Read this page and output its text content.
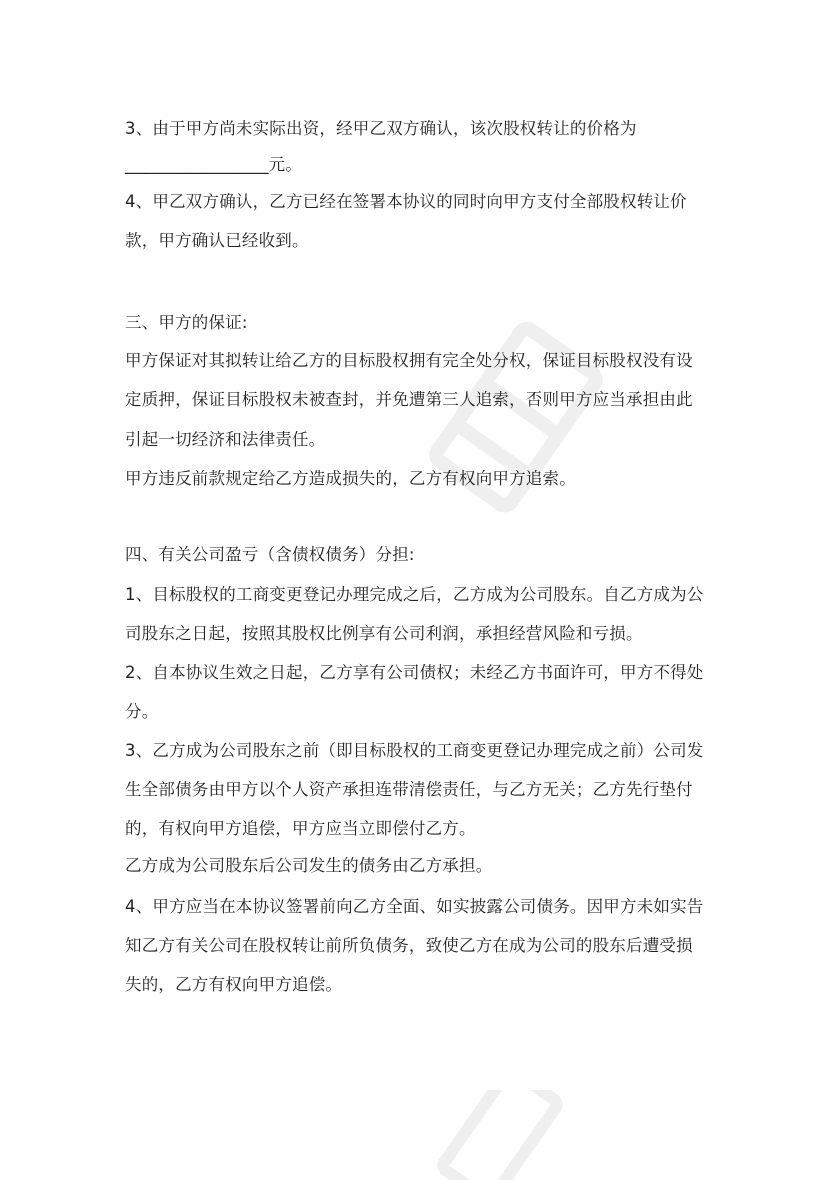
3、由于甲方尚未实际出资，经甲乙双方确认，该次股权转让的价格为
_________________元。
4、甲乙双方确认，乙方已经在签署本协议的同时向甲方支付全部股权转让价
款，甲方确认已经收到。
三、甲方的保证:
甲方保证对其拟转让给乙方的目标股权拥有完全处分权，保证目标股权没有设
定质押，保证目标股权未被查封，并免遭第三人追索，否则甲方应当承担由此
引起一切经济和法律责任。
甲方违反前款规定给乙方造成损失的，乙方有权向甲方追索。
四、有关公司盈亏（含债权债务）分担:
1、目标股权的工商变更登记办理完成之后，乙方成为公司股东。自乙方成为公
司股东之日起，按照其股权比例享有公司利润，承担经营风险和亏损。
2、自本协议生效之日起，乙方享有公司债权；未经乙方书面许可，甲方不得处
分。
3、乙方成为公司股东之前（即目标股权的工商变更登记办理完成之前）公司发
生全部债务由甲方以个人资产承担连带清偿责任，与乙方无关；乙方先行垫付
的，有权向甲方追偿，甲方应当立即偿付乙方。
乙方成为公司股东后公司发生的债务由乙方承担。
4、甲方应当在本协议签署前向乙方全面、如实披露公司债务。因甲方未如实告
知乙方有关公司在股权转让前所负债务，致使乙方在成为公司的股东后遭受损
失的，乙方有权向甲方追偿。
